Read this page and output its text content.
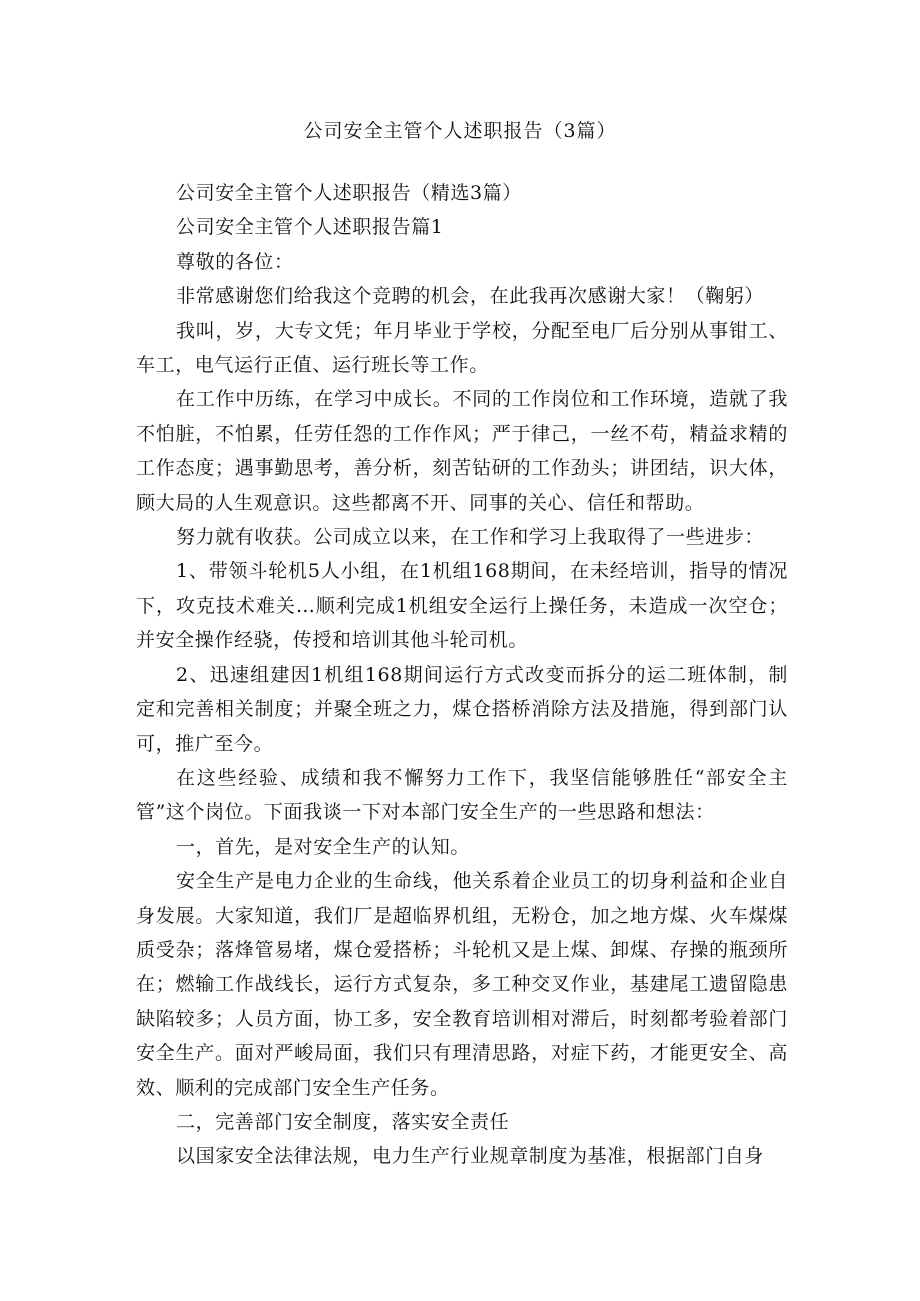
公司安全主管个人述职报告（3篇）

公司安全主管个人述职报告（精选3篇）

公司安全主管个人述职报告篇1

尊敬的各位：

非常感谢您们给我这个竞聘的机会，在此我再次感谢大家！（鞠躬）

我叫，岁，大专文凭；年月毕业于学校，分配至电厂后分别从事钳工、车工，电气运行正值、运行班长等工作。

在工作中历练，在学习中成长。不同的工作岗位和工作环境，造就了我不怕脏，不怕累，任劳任怨的工作作风；严于律己，一丝不苟，精益求精的工作态度；遇事勤思考，善分析，刻苦钻研的工作劲头；讲团结，识大体，顾大局的人生观意识。这些都离不开、同事的关心、信任和帮助。

努力就有收获。公司成立以来，在工作和学习上我取得了一些进步：

1、带领斗轮机5人小组，在1机组168期间，在未经培训，指导的情况下，攻克技术难关…顺利完成1机组安全运行上操任务，未造成一次空仓；并安全操作经骁，传授和培训其他斗轮司机。

2、迅速组建因1机组168期间运行方式改变而拆分的运二班体制，制定和完善相关制度；并聚全班之力，煤仓搭桥消除方法及措施，得到部门认可，推广至今。

在这些经验、成绩和我不懈努力工作下，我坚信能够胜任“部安全主管”这个岗位。下面我谈一下对本部门安全生产的一些思路和想法：

一，首先，是对安全生产的认知。

安全生产是电力企业的生命线，他关系着企业员工的切身利益和企业自身发展。大家知道，我们厂是超临界机组，无粉仓，加之地方煤、火车煤煤质受杂；落烽管易堵，煤仓爱搭桥；斗轮机又是上煤、卸煤、存操的瓶颈所在；燃输工作战线长，运行方式复杂，多工种交叉作业，基建尾工遗留隐患缺陷较多；人员方面，协工多，安全教育培训相对滞后，时刻都考验着部门安全生产。面对严峻局面，我们只有理清思路，对症下药，才能更安全、高效、顺利的完成部门安全生产任务。

二，完善部门安全制度，落实安全责任

以国家安全法律法规，电力生产行业规章制度为基准，根据部门自身
